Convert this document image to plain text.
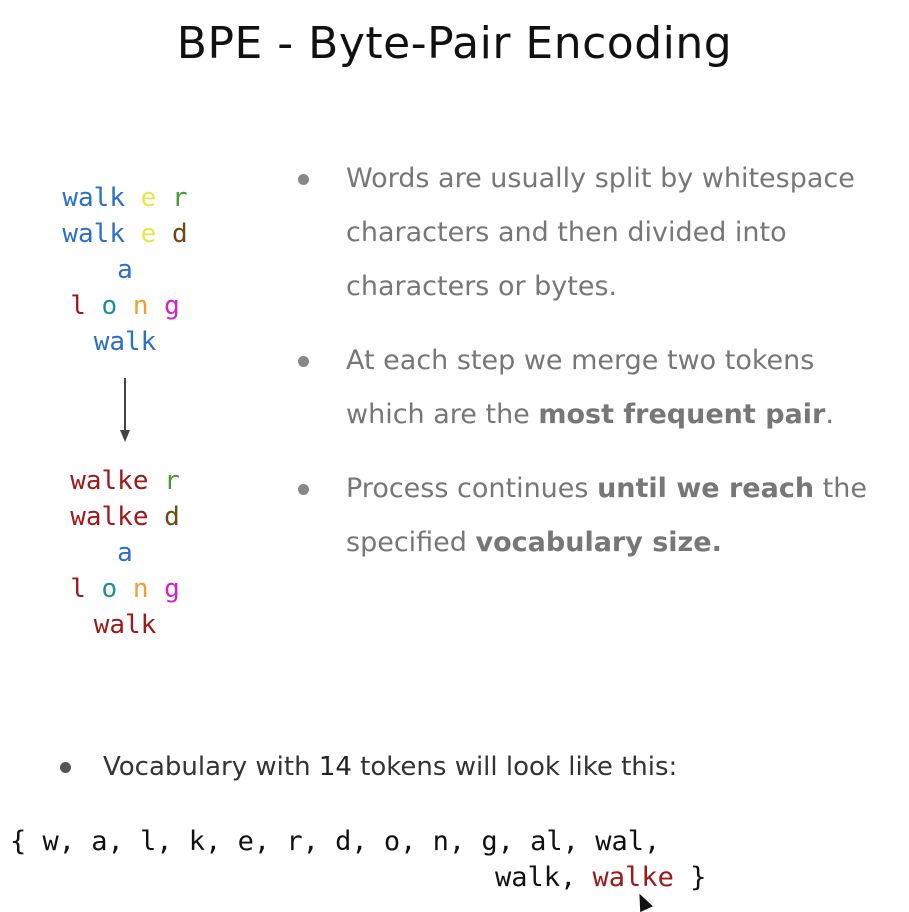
BPE - Byte-Pair Encoding
walk e r
walk e d
a
l o n g
walk
walke r
walke d
a
l o n g
walk
Words are usually split by whitespace characters and then divided into characters or bytes.
At each step we merge two tokens which are the most frequent pair.
Process continues until we reach the specified vocabulary size.
Vocabulary with 14 tokens will look like this:
{ w, a, l, k, e, r, d, o, n, g, al, wal,
walk, walke }
